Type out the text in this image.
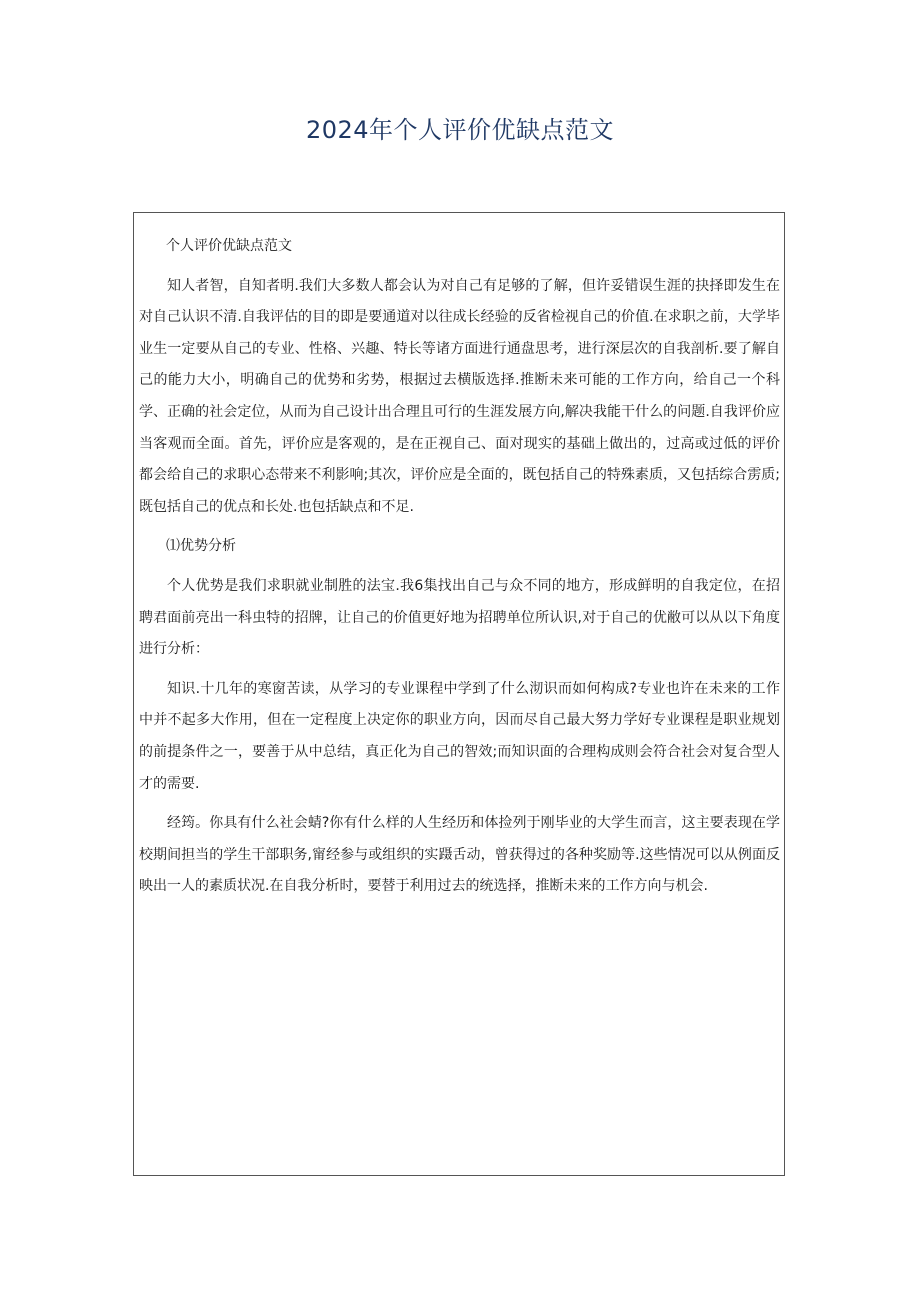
2024年个人评价优缺点范文

个人评价优缺点范文

知人者智，自知者明.我们大多数人都会认为对自己有足够的了解，但许妥错误生涯的抉择即发生在对自己认识不清.自我评估的目的即是要通道对以往成长经验的反省检视自己的价值.在求职之前，大学毕业生一定要从自己的专业、性格、兴趣、特长等诸方面进行通盘思考，进行深层次的自我剖析.要了解自己的能力大小，明确自己的优势和劣势，根据过去横版选择.推断未来可能的工作方向，给自己一个科学、正确的社会定位，从而为自己设计出合理且可行的生涯发展方向,解决我能干什么的问题.自我评价应当客观而全面。首先，评价应是客观的，是在正视自己、面对现实的基础上做出的，过高或过低的评价都会给自己的求职心态带来不利影响;其次，评价应是全面的，既包括自己的特殊素质，又包括综合雳质;既包括自己的优点和长处.也包括缺点和不足.

⑴优势分析

个人优势是我们求职就业制胜的法宝.我6集找出自己与众不同的地方，形成鲜明的自我定位，在招聘君面前亮出一科虫特的招牌，让自己的价值更好地为招聘单位所认识,对于自己的优敝可以从以下角度进行分析：

知识.十几年的寒窗苦读，从学习的专业课程中学到了什么沏识而如何构成?专业也许在未来的工作中并不起多大作用，但在一定程度上决定你的职业方向，因而尽自己最大努力学好专业课程是职业规划的前提条件之一，要善于从中总结，真正化为自己的智效;而知识面的合理构成则会符合社会对复合型人才的需要.

经筠。你具有什么社会蜻?你有什么样的人生经历和体捡列于刚毕业的大学生而言，这主要表现在学校期间担当的学生干部职务,甯经参与或组织的实蹑舌动，曾获得过的各种奖励等.这些情况可以从例面反映出一人的素质状况.在自我分析时，要替于利用过去的统选择，推断未来的工作方向与机会.
